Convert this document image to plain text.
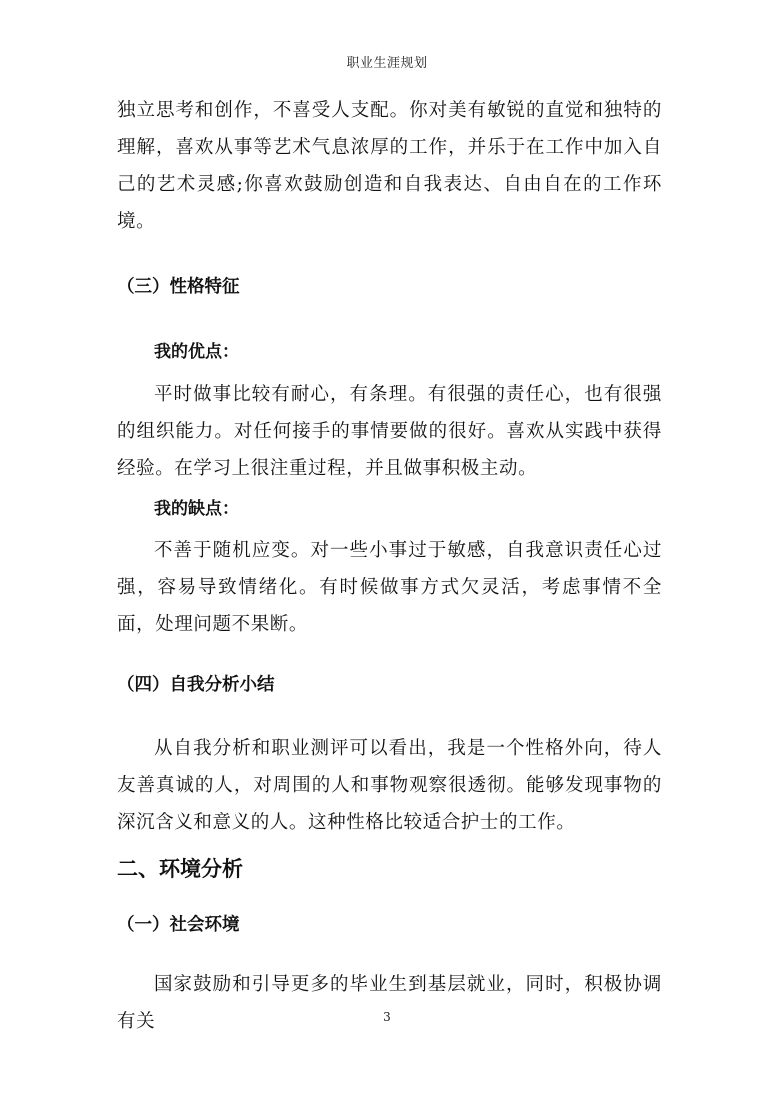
职业生涯规划

独立思考和创作，不喜受人支配。你对美有敏锐的直觉和独特的理解，喜欢从事等艺术气息浓厚的工作，并乐于在工作中加入自己的艺术灵感;你喜欢鼓励创造和自我表达、自由自在的工作环境。

（三）性格特征

我的优点：

平时做事比较有耐心，有条理。有很强的责任心，也有很强的组织能力。对任何接手的事情要做的很好。喜欢从实践中获得经验。在学习上很注重过程，并且做事积极主动。

我的缺点：

不善于随机应变。对一些小事过于敏感，自我意识责任心过强，容易导致情绪化。有时候做事方式欠灵活，考虑事情不全面，处理问题不果断。

（四）自我分析小结

从自我分析和职业测评可以看出，我是一个性格外向，待人友善真诚的人，对周围的人和事物观察很透彻。能够发现事物的深沉含义和意义的人。这种性格比较适合护士的工作。

二、环境分析

（一）社会环境

国家鼓励和引导更多的毕业生到基层就业，同时，积极协调有关	3
